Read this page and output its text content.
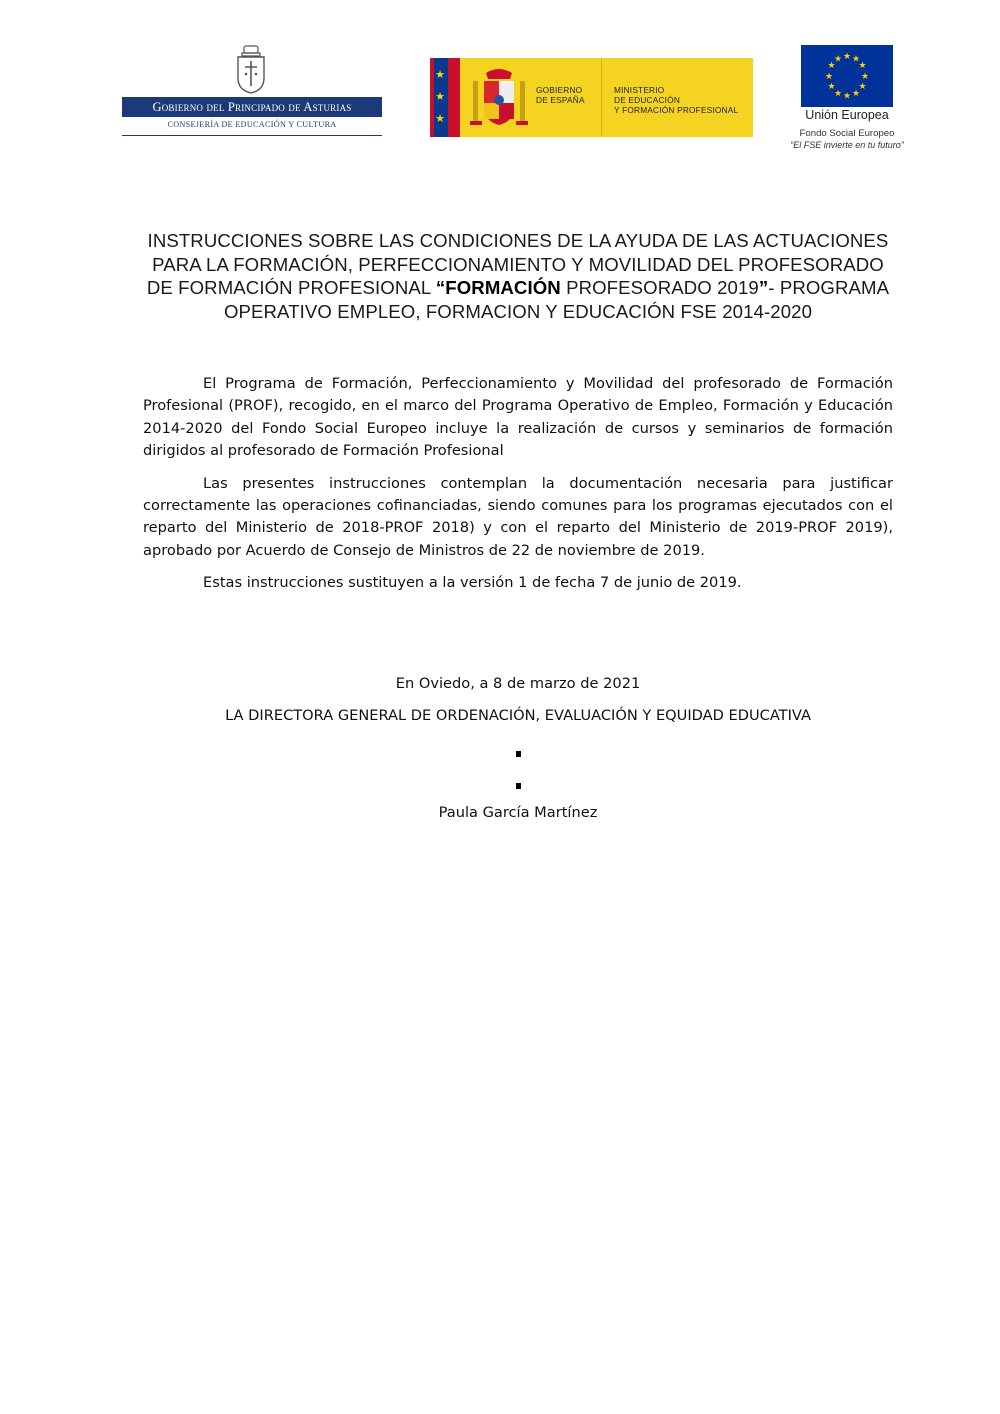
Gobierno del Principado de Asturias
CONSEJERÍA DE EDUCACIÓN Y CULTURA
★
★
★
GOBIERNO
DE ESPAÑA
MINISTERIO
DE EDUCACIÓN
Y FORMACIÓN PROFESIONAL
★ ★
★
★
★
★
★
★
★
★
★
★
Unión Europea
Fondo Social Europeo
“El FSE invierte en tu futuro”
INSTRUCCIONES SOBRE LAS CONDICIONES DE LA AYUDA DE LAS ACTUACIONES PARA LA FORMACIÓN, PERFECCIONAMIENTO Y MOVILIDAD DEL PROFESORADO DE FORMACIÓN PROFESIONAL “FORMACIÓN PROFESORADO 2019”- PROGRAMA OPERATIVO EMPLEO, FORMACION Y EDUCACIÓN FSE 2014-2020

El Programa de Formación, Perfeccionamiento y Movilidad del profesorado de Formación Profesional (PROF), recogido, en el marco del Programa Operativo de Empleo, Formación y Educación 2014-2020 del Fondo Social Europeo incluye la realización de cursos y seminarios de formación dirigidos al profesorado de Formación Profesional

Las presentes instrucciones contemplan la documentación necesaria para justificar correctamente las operaciones cofinanciadas, siendo comunes para los programas ejecutados con el reparto del Ministerio de 2018-PROF 2018) y con el reparto del Ministerio de 2019-PROF 2019), aprobado por Acuerdo de Consejo de Ministros de 22 de noviembre de 2019.

Estas instrucciones sustituyen a la versión 1 de fecha 7 de junio de 2019.

En Oviedo, a 8 de marzo de 2021
LA DIRECTORA GENERAL DE ORDENACIÓN, EVALUACIÓN Y EQUIDAD EDUCATIVA
Paula García Martínez
